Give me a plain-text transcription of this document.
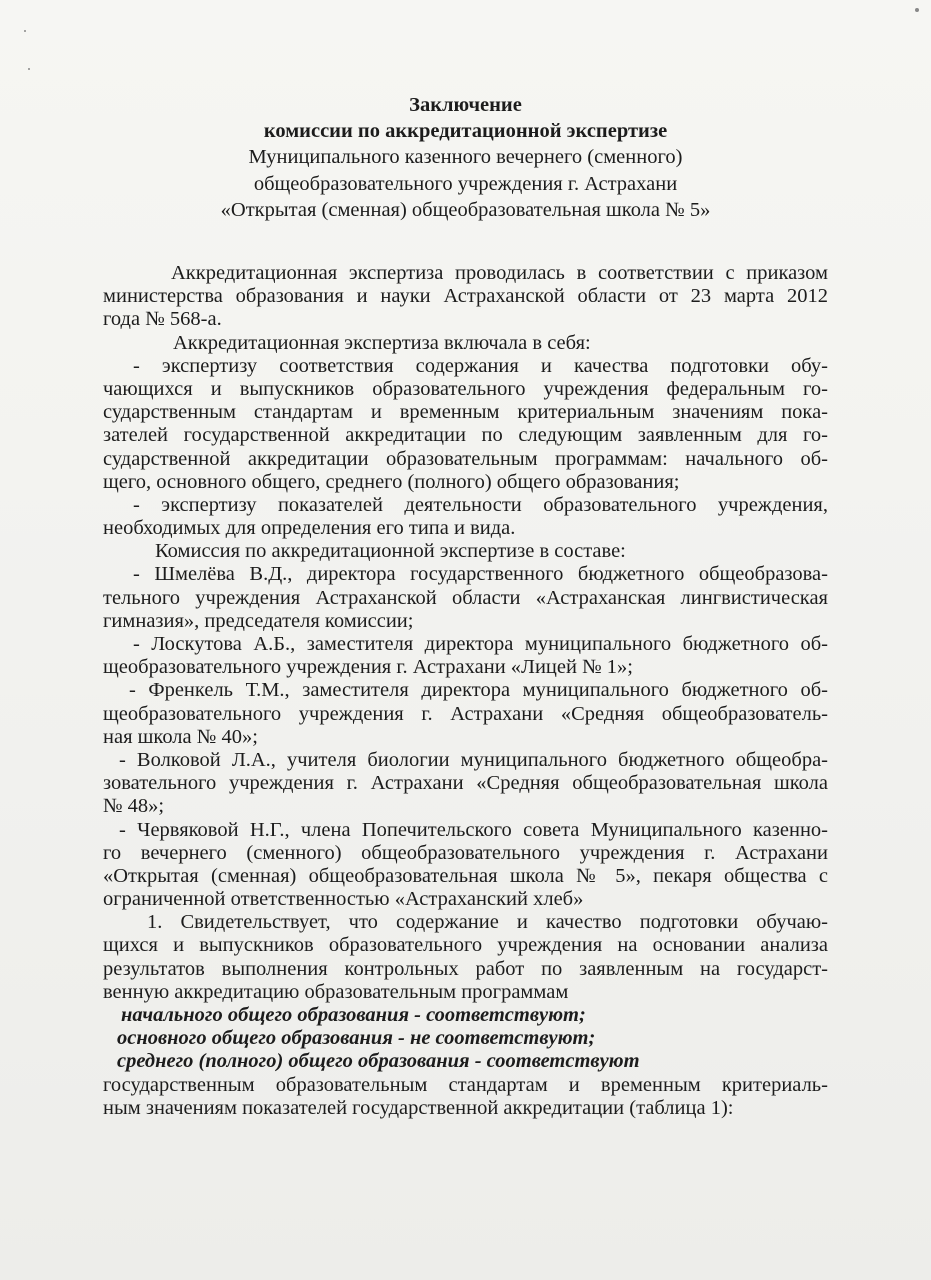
Заключение
комиссии по аккредитационной экспертизе
Муниципального казенного вечернего (сменного)
общеобразовательного учреждения г. Астрахани
«Открытая (сменная) общеобразовательная школа № 5»
Аккредитационная экспертиза проводилась в соответствии с приказом
министерства образования и науки Астраханской области от 23 марта 2012
года № 568-а.
Аккредитационная экспертиза включала в себя:
- экспертизу соответствия содержания и качества подготовки обу-
чающихся и выпускников образовательного учреждения федеральным го-
сударственным стандартам и временным критериальным значениям пока-
зателей государственной аккредитации по следующим заявленным для го-
сударственной аккредитации образовательным программам: начального об-
щего, основного общего, среднего (полного) общего образования;
- экспертизу показателей деятельности образовательного учреждения,
необходимых для определения его типа и вида.
Комиссия по аккредитационной экспертизе в составе:
- Шмелёва В.Д., директора государственного бюджетного общеобразова-
тельного учреждения Астраханской области «Астраханская лингвистическая
гимназия», председателя комиссии;
- Лоскутова А.Б., заместителя директора муниципального бюджетного об-
щеобразовательного учреждения г. Астрахани «Лицей № 1»;
- Френкель Т.М., заместителя директора муниципального бюджетного об-
щеобразовательного учреждения г. Астрахани «Средняя общеобразователь-
ная школа № 40»;
- Волковой Л.А., учителя биологии муниципального бюджетного общеобра-
зовательного учреждения г. Астрахани «Средняя общеобразовательная школа
№ 48»;
- Червяковой Н.Г., члена Попечительского совета Муниципального казенно-
го вечернего (сменного) общеобразовательного учреждения г. Астрахани
«Открытая (сменная) общеобразовательная школа № 5», пекаря общества с
ограниченной ответственностью «Астраханский хлеб»
1. Свидетельствует, что содержание и качество подготовки обучаю-
щихся и выпускников образовательного учреждения на основании анализа
результатов выполнения контрольных работ по заявленным на государст-
венную аккредитацию образовательным программам
начального общего образования - соответствуют;
основного общего образования - не соответствуют;
среднего (полного) общего образования - соответствуют
государственным образовательным стандартам и временным критериаль-
ным значениям показателей государственной аккредитации (таблица 1):
